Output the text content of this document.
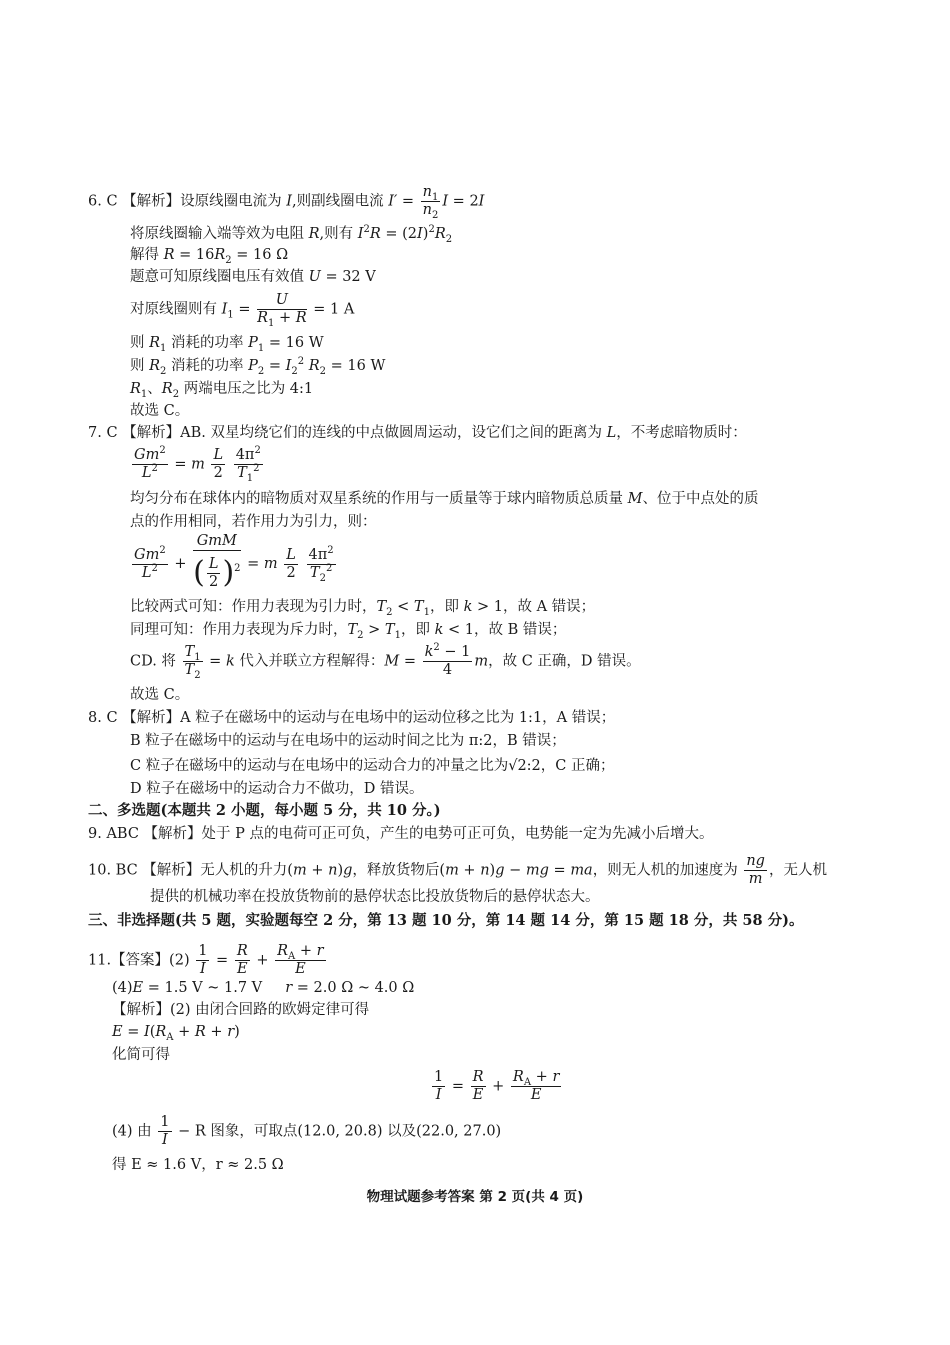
6. C 【解析】设原线圈电流为 I,则副线圈电流 $I' = \frac{n_1}{n_2}$ I = 2I
将原线圈输入端等效为电阻 R,则有 $I^2R = (2I)^2R_2$
解得 $R = 16R_2 = 16$ Ω
题意可知原线圈电压有效值 U = 32 V
对原线圈则有 $I_1 = \frac{U}{R_1 + R} = 1$ A
则 $R_1$ 消耗的功率 $P_1 = 16$ W
则 $R_2$ 消耗的功率 $P_2 = I_2^2$ $R_2 = 16$ W
$R_1$、$R_2$ 两端电压之比为 4:1
故选 C。
7. C 【解析】AB. 双星均绕它们的连线的中点做圆周运动，设它们之间的距离为 L，不考虑暗物质时：
$\frac{Gm^2}{L^2} = m \frac{L}{2}$
$\frac{4\pi^2}{T_1^2}$
均匀分布在球体内的暗物质对双星系统的作用与一质量等于球内暗物质总质量 M、位于中点处的质
点的作用相同，若作用力为引力，则：
$\frac{Gm^2}{L^2}$ +
GmM
( $\frac{L}{2} )^2 = m \frac{L}{2}$
$\frac{4\pi^2}{T_2^2}$
比较两式可知：作用力表现为引力时，$T_2 < T_1$，即 k > 1，故 A 错误；
同理可知：作用力表现为斥力时，$T_2 > T_1$，即 k < 1，故 B 错误；
CD. 将 $\frac{T_1}{T_2} = k$ 代入并联立方程解得：$M = \frac{k^2 - 1}{4}$ m，故 C 正确，D 错误。
故选 C。
8. C 【解析】A 粒子在磁场中的运动与在电场中的运动位移之比为 1:1，A 错误；
B 粒子在磁场中的运动与在电场中的运动时间之比为 π:2，B 错误；
C 粒子在磁场中的运动与在电场中的运动合力的冲量之比为√2:2，C 正确；
D 粒子在磁场中的运动合力不做功，D 错误。
二、多选题(本题共 2 小题，每小题 5 分，共 10 分。)
9. ABC 【解析】处于 P 点的电荷可正可负，产生的电势可正可负，电势能一定为先减小后增大。
10. BC 【解析】无人机的升力(m + n)g，释放货物后(m + n)g − mg = ma，则无人机的加速度为 $\frac{ng}{m}$ ，无人机
提供的机械功率在投放货物前的悬停状态比投放货物后的悬停状态大。
三、非选择题(共 5 题，实验题每空 2 分，第 13 题 10 分，第 14 题 14 分，第 15 题 18 分，共 58 分)。
11.【答案】$(2) \frac{1}{I} = \frac{R}{E} + \frac{R_A + r}{E}$
(4)E = 1.5 V ~ 1.7 V r = 2.0 Ω ~ 4.0 Ω
【解析】(2) 由闭合回路的欧姆定律可得
$E = I(R_A + R + r)$
化简可得
$\frac{1}{I} = \frac{R}{E} + \frac{R_A + r}{E}$
(4) 由 $\frac{1}{I} - R$ 图象，可取点(12.0, 20.8) 以及(22.0, 27.0)
得 E ≈ 1.6 V，r ≈ 2.5 Ω
物理试题参考答案 第 2 页(共 4 页)
